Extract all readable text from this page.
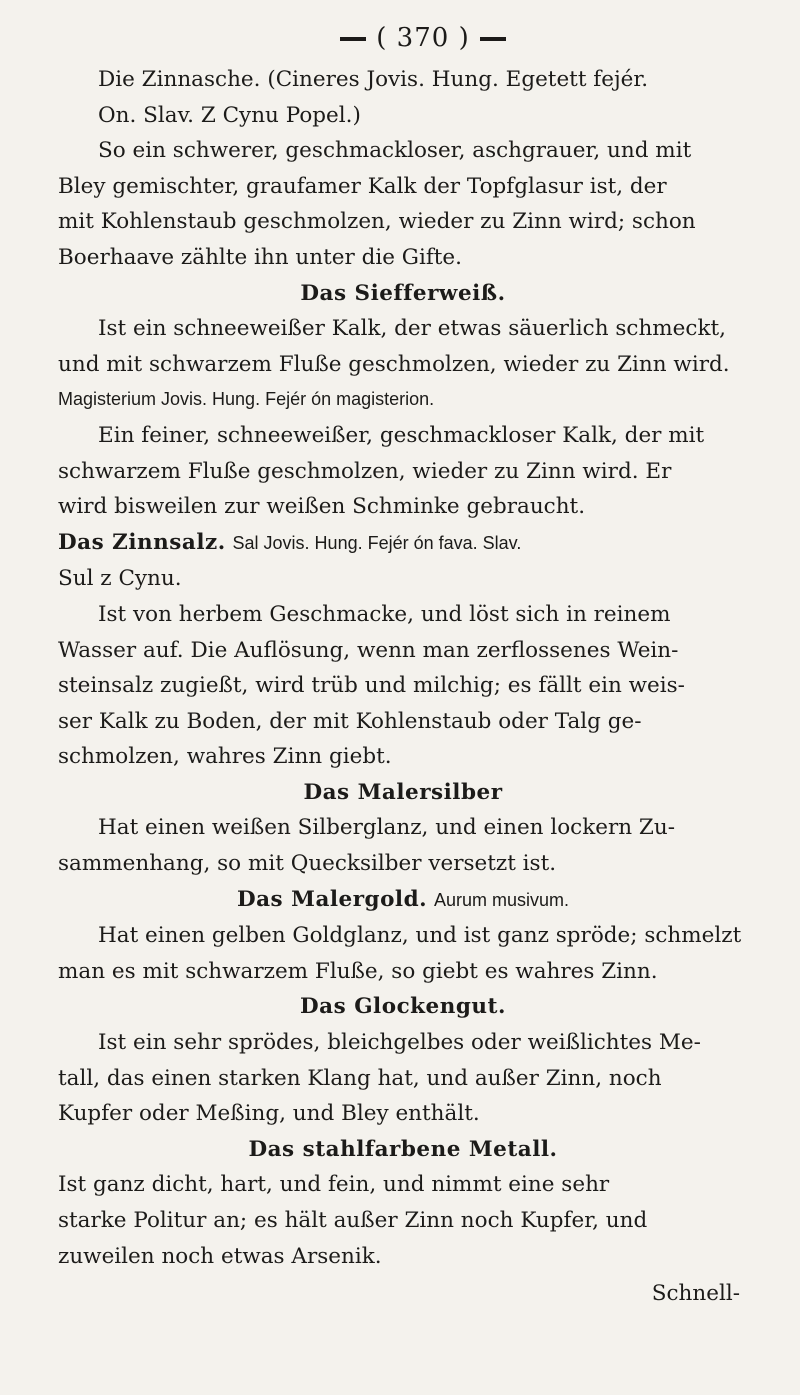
( 370 )
Die Zinnasche. (Cineres Jovis. Hung. Egetett fejér.
On. Slav. Z Cynu Popel.)
So ein schwerer, geschmackloser, aschgrauer, und mit
Bley gemischter, graufamer Kalk der Topfglasur ist, der
mit Kohlenstaub geschmolzen, wieder zu Zinn wird; schon
Boerhaave zählte ihn unter die Gifte.
Das Siefferweiß.
Ist ein schneeweißer Kalk, der etwas säuerlich schmeckt,
und mit schwarzem Fluße geschmolzen, wieder zu Zinn wird.
Magisterium Jovis. Hung. Fejér ón magisterion.
Ein feiner, schneeweißer, geschmackloser Kalk, der mit
schwarzem Fluße geschmolzen, wieder zu Zinn wird. Er
wird bisweilen zur weißen Schminke gebraucht.
Das Zinnsalz. Sal Jovis. Hung. Fejér ón fava. Slav.
Sul z Cynu.
Ist von herbem Geschmacke, und löst sich in reinem
Wasser auf. Die Auflösung, wenn man zerflossenes Wein-
steinsalz zugießt, wird trüb und milchig; es fällt ein weis-
ser Kalk zu Boden, der mit Kohlenstaub oder Talg ge-
schmolzen, wahres Zinn giebt.
Das Malersilber
Hat einen weißen Silberglanz, und einen lockern Zu-
sammenhang, so mit Quecksilber versetzt ist.
Das Malergold. Aurum musivum.
Hat einen gelben Goldglanz, und ist ganz spröde; schmelzt
man es mit schwarzem Fluße, so giebt es wahres Zinn.
Das Glockengut.
Ist ein sehr sprödes, bleichgelbes oder weißlichtes Me-
tall, das einen starken Klang hat, und außer Zinn, noch
Kupfer oder Meßing, und Bley enthält.
Das stahlfarbene Metall.
Ist ganz dicht, hart, und fein, und nimmt eine sehr
starke Politur an; es hält außer Zinn noch Kupfer, und
zuweilen noch etwas Arsenik.
Schnell-
